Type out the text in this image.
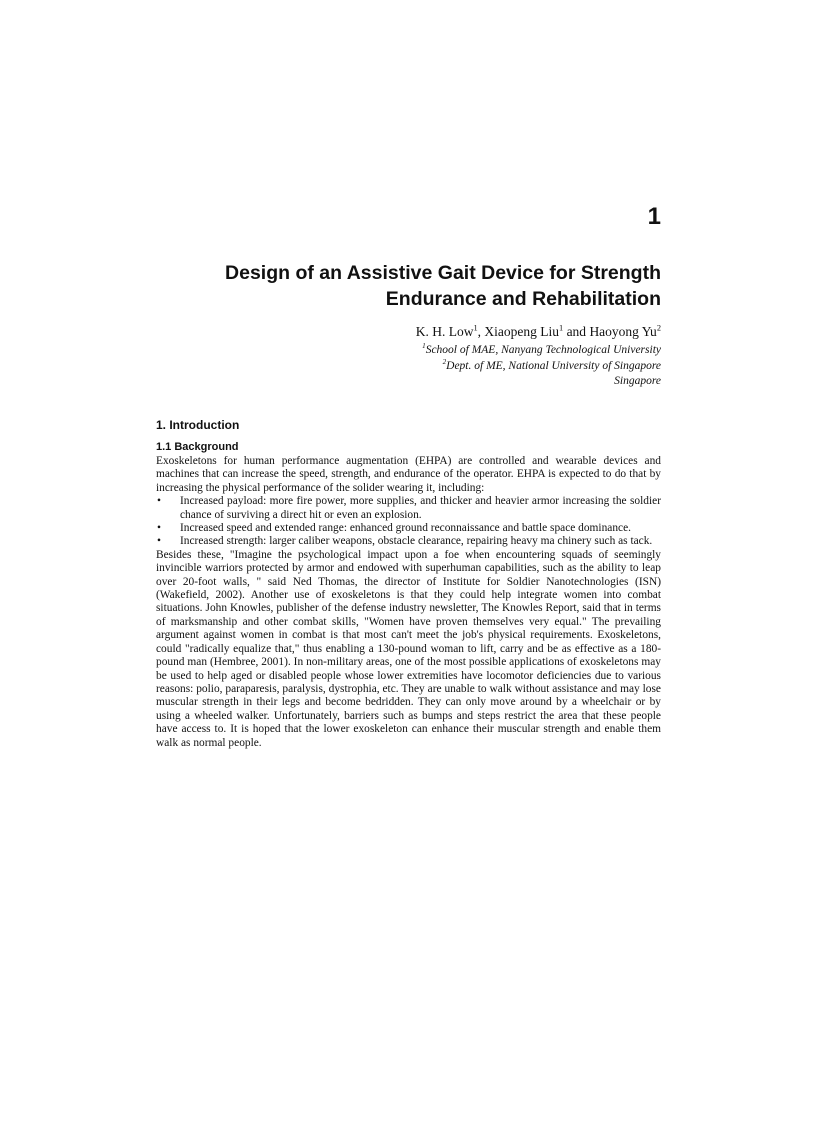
1
Design of an Assistive Gait Device for Strength
Endurance and Rehabilitation
K. H. Low$^1$, Xiaopeng Liu$^1$ and Haoyong Yu$^2$
$^1$School of MAE, Nanyang Technological University
$^2$Dept. of ME, National University of Singapore
Singapore
1. Introduction
1.1 Background

Exoskeletons for human performance augmentation (EHPA) are controlled and wearable devices and machines that can increase the speed, strength, and endurance of the operator. EHPA is expected to do that by increasing the physical performance of the solider wearing it, including:

• Increased payload: more fire power, more supplies, and thicker and heavier armor increasing the soldier chance of surviving a direct hit or even an explosion.
• Increased speed and extended range: enhanced ground reconnaissance and battle space dominance.
• Increased strength: larger caliber weapons, obstacle clearance, repairing heavy ma chinery such as tack.

Besides these, "Imagine the psychological impact upon a foe when encountering squads of seemingly invincible warriors protected by armor and endowed with superhuman capabilities, such as the ability to leap over 20-foot walls, " said Ned Thomas, the director of Institute for Soldier Nanotechnologies (ISN) (Wakefield, 2002). Another use of exoskeletons is that they could help integrate women into combat situations. John Knowles, publisher of the defense industry newsletter, The Knowles Report, said that in terms of marksmanship and other combat skills, "Women have proven themselves very equal." The prevailing argument against women in combat is that most can't meet the job's physical requirements. Exoskeletons, could "radically equalize that," thus enabling a 130-pound woman to lift, carry and be as effective as a 180-pound man (Hembree, 2001). In non-military areas, one of the most possible applications of exoskeletons may be used to help aged or disabled people whose lower extremities have locomotor deficiencies due to various reasons: polio, paraparesis, paralysis, dystrophia, etc. They are unable to walk without assistance and may lose muscular strength in their legs and become bedridden. They can only move around by a wheelchair or by using a wheeled walker. Unfortunately, barriers such as bumps and steps restrict the area that these people have access to. It is hoped that the lower exoskeleton can enhance their muscular strength and enable them walk as normal people.
